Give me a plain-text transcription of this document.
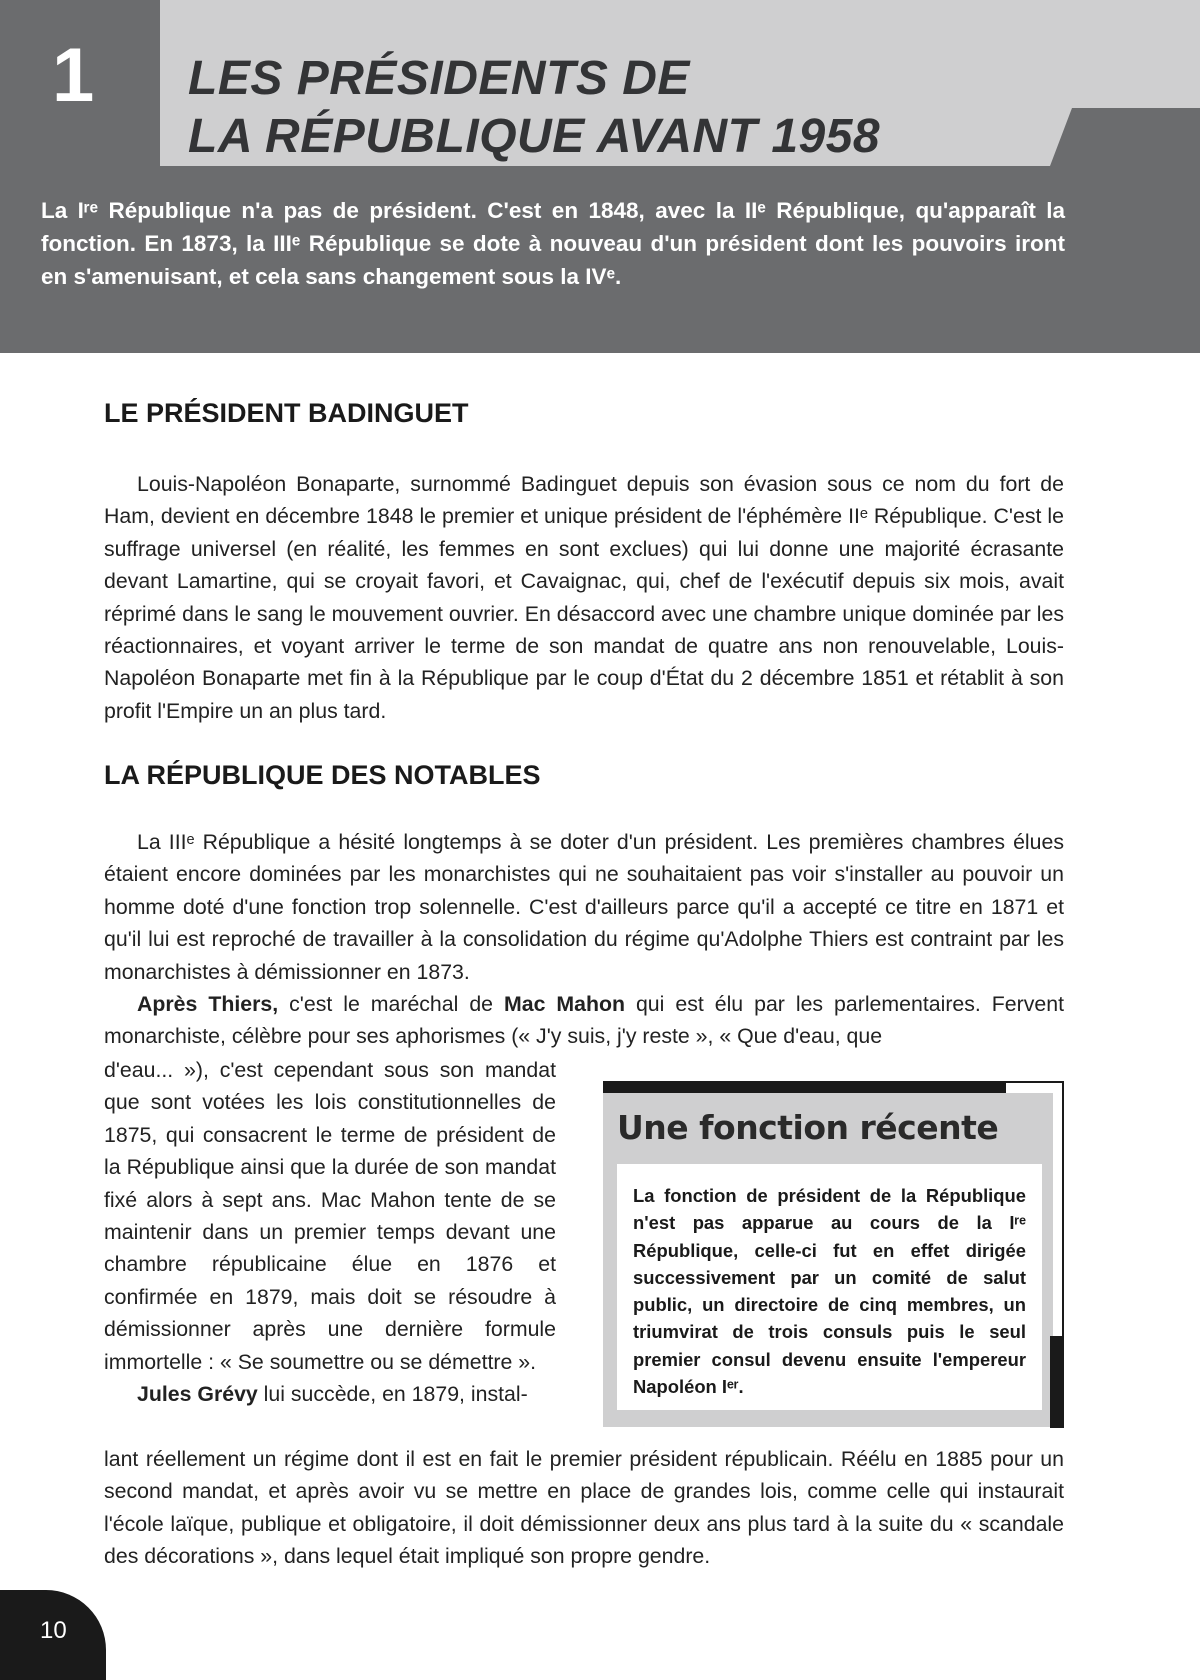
1 LES PRÉSIDENTS DE
LA RÉPUBLIQUE AVANT 1958

La Iʳᵉ République n'a pas de président. C'est en 1848, avec la IIᵉ République, qu'apparaît la fonction. En 1873, la IIIᵉ République se dote à nouveau d'un président dont les pouvoirs iront en s'amenuisant, et cela sans changement sous la IVᵉ.

LE PRÉSIDENT BADINGUET

Louis-Napoléon Bonaparte, surnommé Badinguet depuis son évasion sous ce nom du fort de Ham, devient en décembre 1848 le premier et unique président de l'éphémère IIᵉ République. C'est le suffrage universel (en réalité, les femmes en sont exclues) qui lui donne une majorité écrasante devant Lamartine, qui se croyait favori, et Cavaignac, qui, chef de l'exécutif depuis six mois, avait réprimé dans le sang le mouvement ouvrier. En désaccord avec une chambre unique dominée par les réactionnaires, et voyant arriver le terme de son mandat de quatre ans non renouvelable, Louis-Napoléon Bonaparte met fin à la République par le coup d'État du 2 décembre 1851 et rétablit à son profit l'Empire un an plus tard.

LA RÉPUBLIQUE DES NOTABLES

La IIIᵉ République a hésité longtemps à se doter d'un président. Les premières chambres élues étaient encore dominées par les monarchistes qui ne souhaitaient pas voir s'installer au pouvoir un homme doté d'une fonction trop solennelle. C'est d'ailleurs parce qu'il a accepté ce titre en 1871 et qu'il lui est reproché de travailler à la consolidation du régime qu'Adolphe Thiers est contraint par les monarchistes à démissionner en 1873.

Après Thiers, c'est le maréchal de Mac Mahon qui est élu par les parlementaires. Fervent monarchiste, célèbre pour ses aphorismes (« J'y suis, j'y reste », « Que d'eau, que

d'eau... »), c'est cependant sous son mandat que sont votées les lois constitutionnelles de 1875, qui consacrent le terme de président de la République ainsi que la durée de son mandat fixé alors à sept ans. Mac Mahon tente de se maintenir dans un premier temps devant une chambre républicaine élue en 1876 et confirmée en 1879, mais doit se résoudre à démissionner après une dernière formule immortelle : « Se soumettre ou se démettre ».

Jules Grévy lui succède, en 1879, instal-

lant réellement un régime dont il est en fait le premier président républicain. Réélu en 1885 pour un second mandat, et après avoir vu se mettre en place de grandes lois, comme celle qui instaurait l'école laïque, publique et obligatoire, il doit démissionner deux ans plus tard à la suite du « scandale des décorations », dans lequel était impliqué son propre gendre.

Une fonction récente
La fonction de président de la République n'est pas apparue au cours de la Iʳᵉ République, celle-ci fut en effet dirigée successivement par un comité de salut public, un directoire de cinq membres, un triumvirat de trois consuls puis le seul premier consul devenu ensuite l'empereur Napoléon Iᵉʳ.
10
